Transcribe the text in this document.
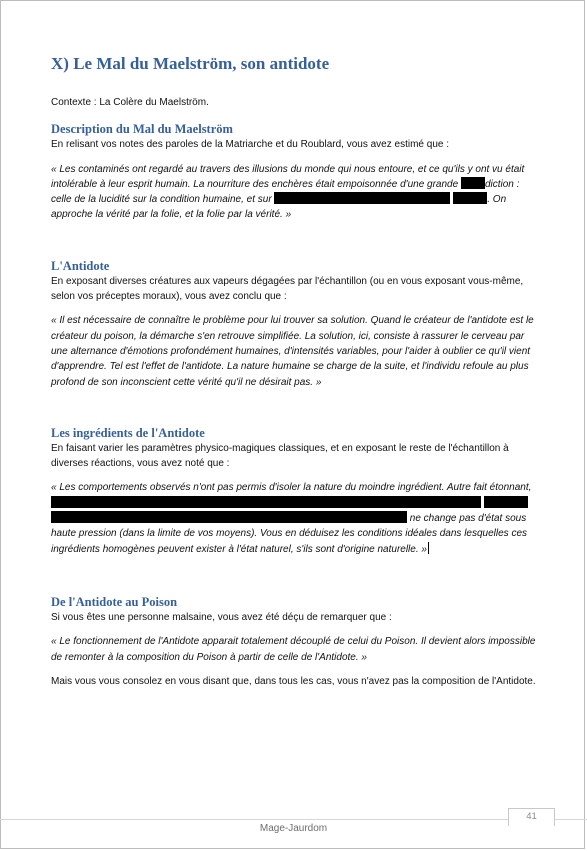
X) Le Mal du Maelström, son antidote

Contexte : La Colère du Maelström.

Description du Mal du Maelström

En relisant vos notes des paroles de la Matriarche et du Roublard, vous avez estimé que :

« Les contaminés ont regardé au travers des illusions du monde qui nous entoure, et ce qu'ils y ont vu était intolérable à leur esprit humain. La nourriture des enchères était empoisonnée d'une grande	diction : celle de la lucidité sur la condition humaine, et sur	. On approche la vérité par la folie, et la folie par la vérité. »

L'Antidote

En exposant diverses créatures aux vapeurs dégagées par l'échantillon (ou en vous exposant vous-même, selon vos préceptes moraux), vous avez conclu que :

« Il est nécessaire de connaître le problème pour lui trouver sa solution. Quand le créateur de l'antidote est le créateur du poison, la démarche s'en retrouve simplifiée. La solution, ici, consiste à rassurer le cerveau par une alternance d'émotions profondément humaines, d'intensités variables, pour l'aider à oublier ce qu'il vient d'apprendre. Tel est l'effet de l'antidote. La nature humaine se charge de la suite, et l'individu refoule au plus profond de son inconscient cette vérité qu'il ne désirait pas. »

Les ingrédients de l'Antidote

En faisant varier les paramètres physico-magiques classiques, et en exposant le reste de l'échantillon à diverses réactions, vous avez noté que :

« Les comportements observés n'ont pas permis d'isoler la nature du moindre ingrédient. Autre fait étonnant,    ne change pas d'état sous haute pression (dans la limite de vos moyens). Vous en déduisez les conditions idéales dans lesquelles ces ingrédients homogènes peuvent exister à l'état naturel, s'ils sont d'origine naturelle. »

De l'Antidote au Poison

Si vous êtes une personne malsaine, vous avez été déçu de remarquer que :

« Le fonctionnement de l'Antidote apparait totalement découplé de celui du Poison. Il devient alors impossible de remonter à la composition du Poison à partir de celle de l'Antidote. »

Mais vous vous consolez en vous disant que, dans tous les cas, vous n'avez pas la composition de l'Antidote.

41
Mage-Jaurdom
